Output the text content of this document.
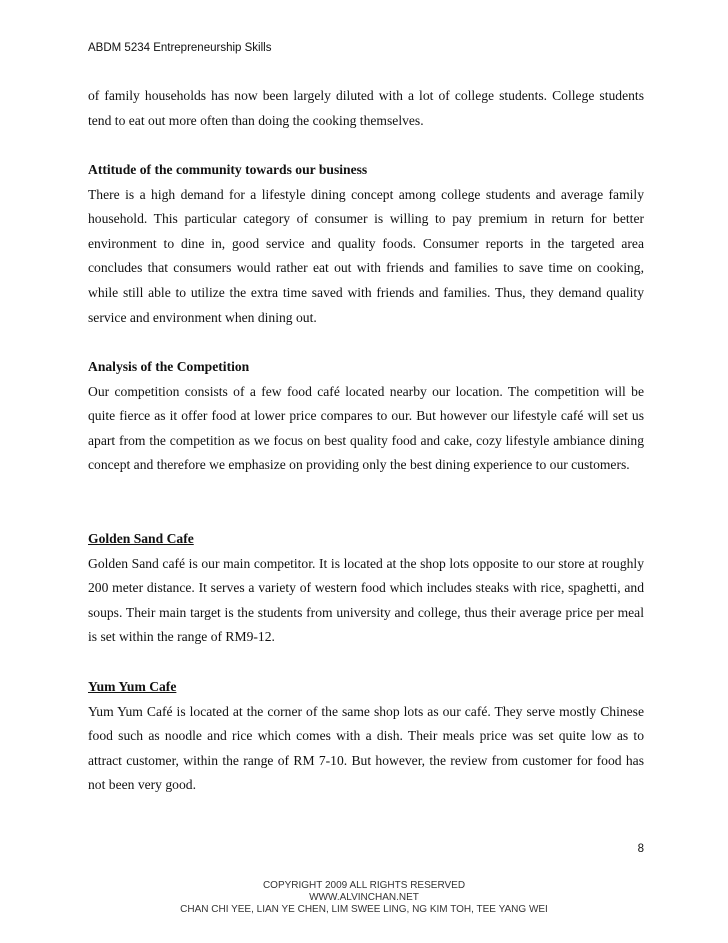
ABDM 5234 Entrepreneurship Skills

of family households has now been largely diluted with a lot of college students. College students tend to eat out more often than doing the cooking themselves.

Attitude of the community towards our business

There is a high demand for a lifestyle dining concept among college students and average family household. This particular category of consumer is willing to pay premium in return for better environment to dine in, good service and quality foods. Consumer reports in the targeted area concludes that consumers would rather eat out with friends and families to save time on cooking, while still able to utilize the extra time saved with friends and families. Thus, they demand quality service and environment when dining out.

Analysis of the Competition

Our competition consists of a few food café located nearby our location. The competition will be quite fierce as it offer food at lower price compares to our. But however our lifestyle café will set us apart from the competition as we focus on best quality food and cake, cozy lifestyle ambiance dining concept and therefore we emphasize on providing only the best dining experience to our customers.

Golden Sand Cafe

Golden Sand café is our main competitor. It is located at the shop lots opposite to our store at roughly 200 meter distance. It serves a variety of western food which includes steaks with rice, spaghetti, and soups. Their main target is the students from university and college, thus their average price per meal is set within the range of RM9-12.

Yum Yum Cafe

Yum Yum Café is located at the corner of the same shop lots as our café. They serve mostly Chinese food such as noodle and rice which comes with a dish. Their meals price was set quite low as to attract customer, within the range of RM 7-10. But however, the review from customer for food has not been very good.

8
COPYRIGHT 2009 ALL RIGHTS RESERVED
WWW.ALVINCHAN.NET
CHAN CHI YEE, LIAN YE CHEN, LIM SWEE LING, NG KIM TOH, TEE YANG WEI
